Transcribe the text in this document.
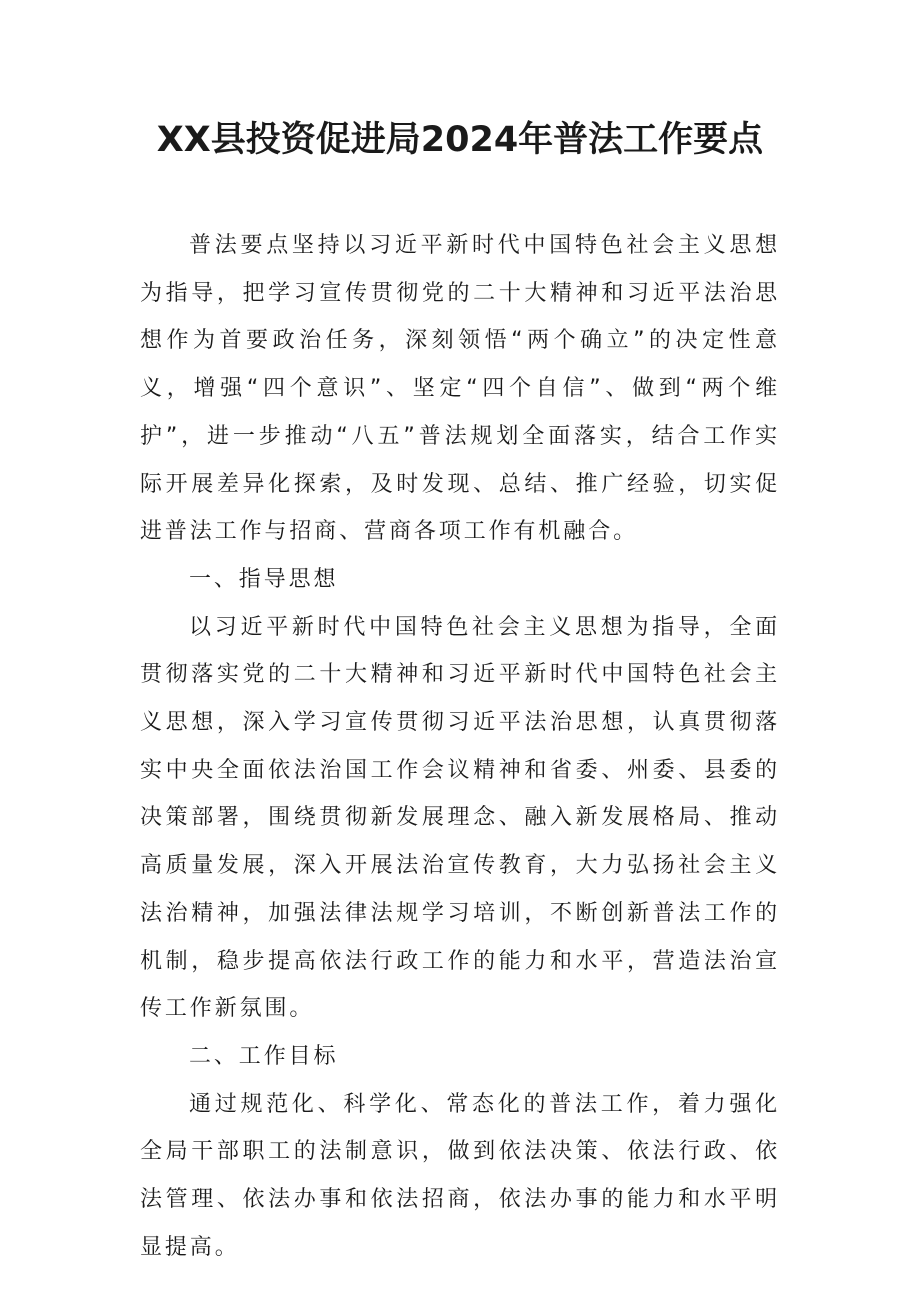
XX县投资促进局2024年普法工作要点

普法要点坚持以习近平新时代中国特色社会主义思想为指导，把学习宣传贯彻党的二十大精神和习近平法治思想作为首要政治任务，深刻领悟“两个确立”的决定性意义，增强“四个意识”、坚定“四个自信”、做到“两个维护”，进一步推动“八五”普法规划全面落实，结合工作实际开展差异化探索，及时发现、总结、推广经验，切实促进普法工作与招商、营商各项工作有机融合。

一、指导思想

以习近平新时代中国特色社会主义思想为指导，全面贯彻落实党的二十大精神和习近平新时代中国特色社会主义思想，深入学习宣传贯彻习近平法治思想，认真贯彻落实中央全面依法治国工作会议精神和省委、州委、县委的决策部署，围绕贯彻新发展理念、融入新发展格局、推动高质量发展，深入开展法治宣传教育，大力弘扬社会主义法治精神，加强法律法规学习培训，不断创新普法工作的机制，稳步提高依法行政工作的能力和水平，营造法治宣传工作新氛围。

二、工作目标

通过规范化、科学化、常态化的普法工作，着力强化全局干部职工的法制意识，做到依法决策、依法行政、依法管理、依法办事和依法招商，依法办事的能力和水平明显提高。
